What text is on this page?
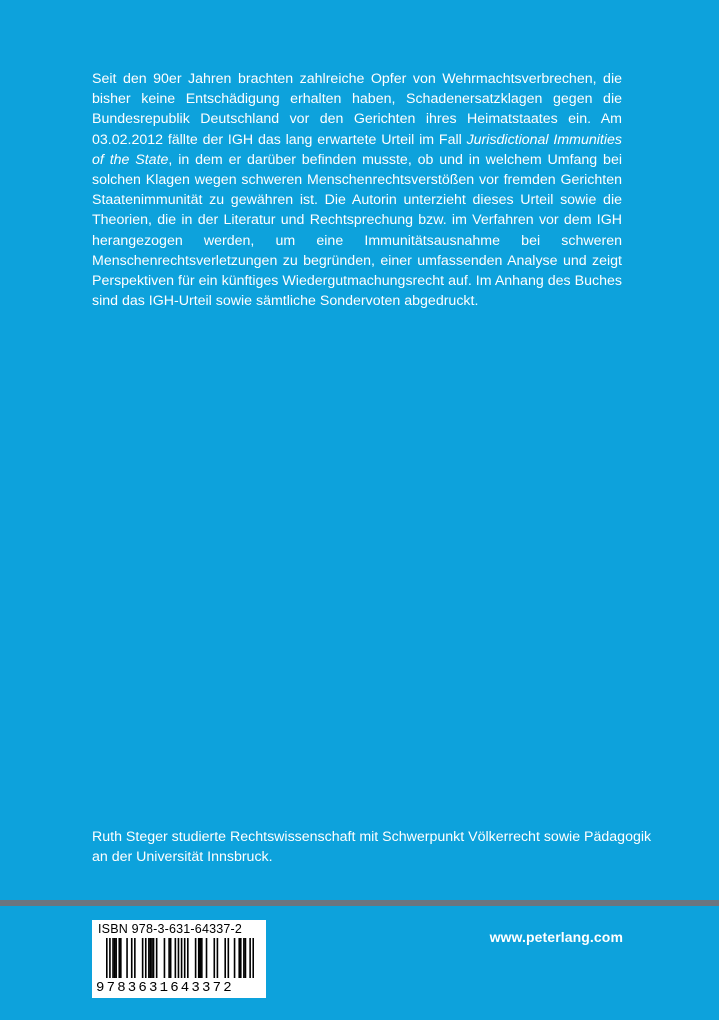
Seit den 90er Jahren brachten zahlreiche Opfer von Wehrmachtsverbrechen, die bisher keine Entschädigung erhalten haben, Schadenersatzklagen gegen die Bundesrepublik Deutschland vor den Gerichten ihres Heimatstaates ein. Am 03.02.2012 fällte der IGH das lang erwartete Urteil im Fall Jurisdictional Immunities of the State, in dem er darüber befinden musste, ob und in welchem Umfang bei solchen Klagen wegen schweren Menschenrechtsverstößen vor fremden Gerichten Staatenimmunität zu gewähren ist. Die Autorin unterzieht dieses Urteil sowie die Theorien, die in der Literatur und Rechtsprechung bzw. im Verfahren vor dem IGH herangezogen werden, um eine Immunitätsausnahme bei schweren Menschenrechtsverletzungen zu begründen, einer umfassenden Analyse und zeigt Perspektiven für ein künftiges Wiedergutmachungsrecht auf. Im Anhang des Buches sind das IGH-Urteil sowie sämtliche Sondervoten abgedruckt.

Ruth Steger studierte Rechtswissenschaft mit Schwerpunkt Völkerrecht sowie Pädagogik an der Universität Innsbruck.

ISBN 978-3-631-64337-2
9783631643372
www.peterlang.com
